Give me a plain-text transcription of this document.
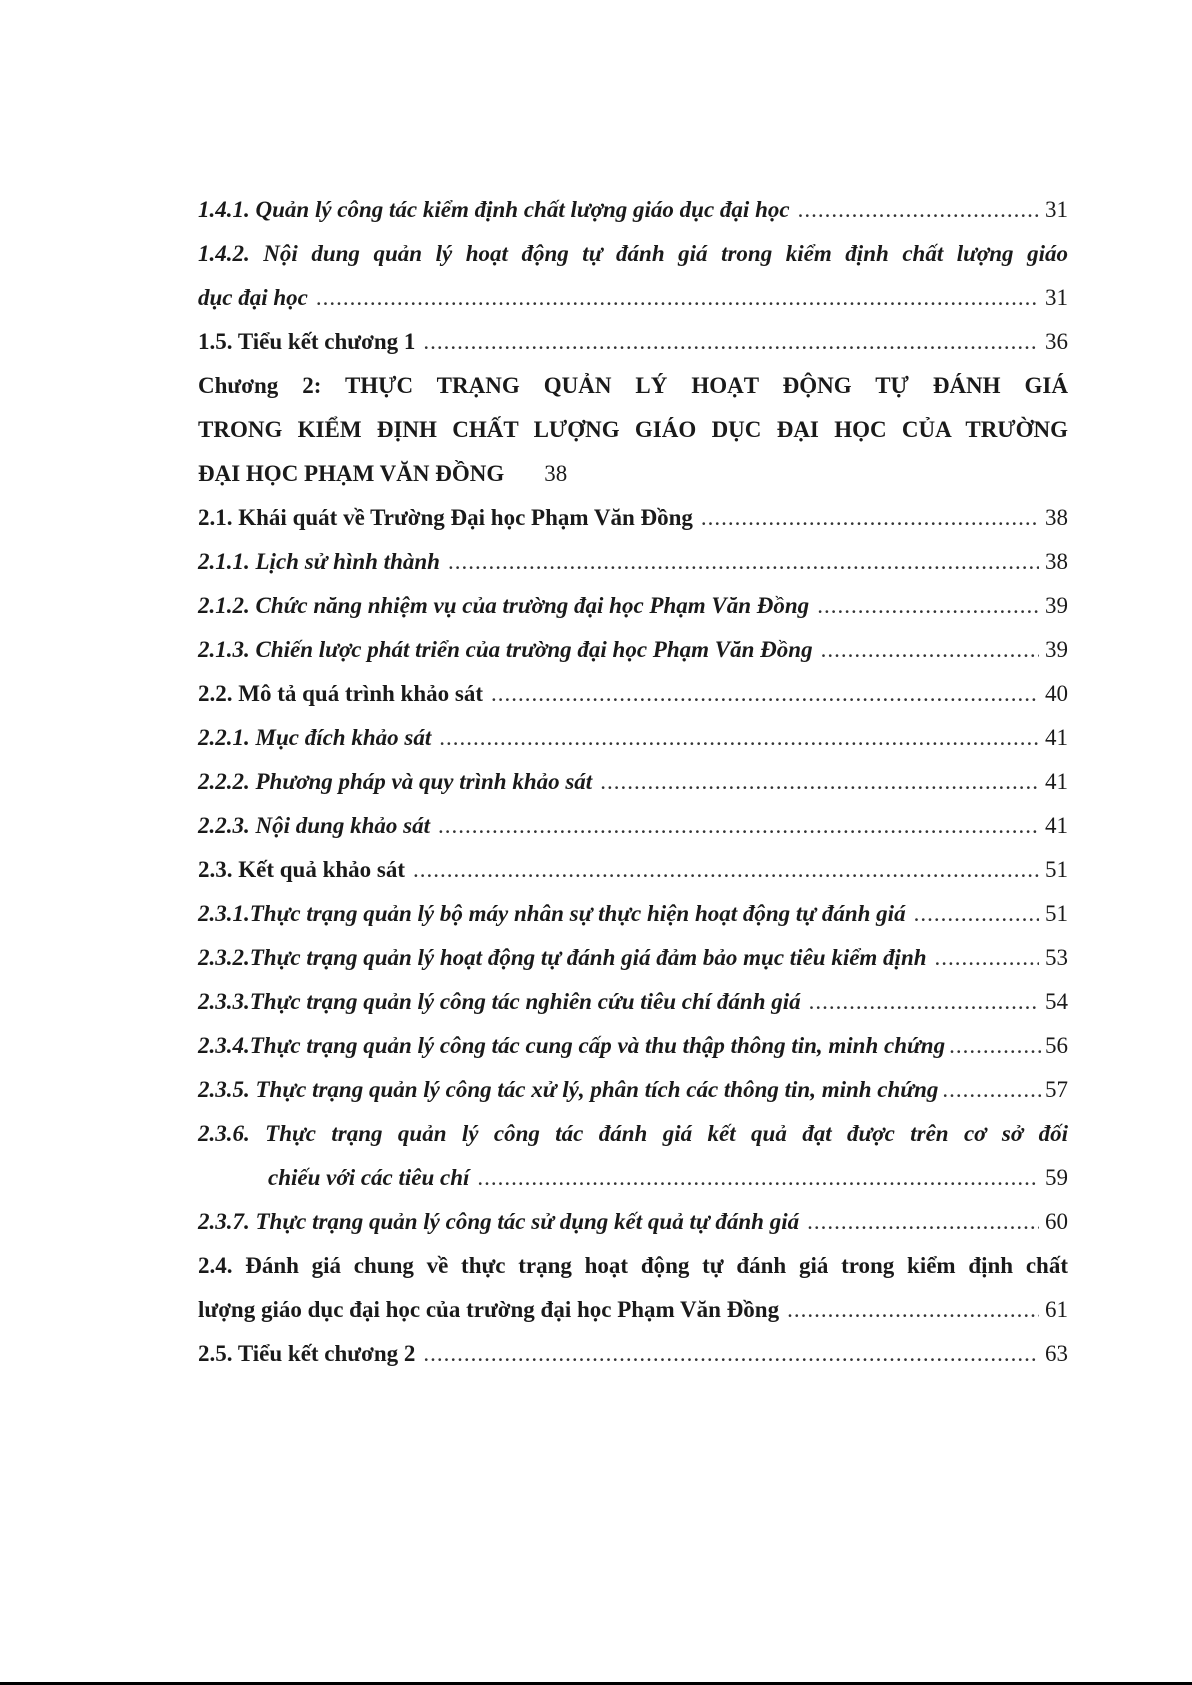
1.4.1. Quản lý công tác kiểm định chất lượng giáo dục đại học .....	31
1.4.2. Nội dung quản lý hoạt động tự đánh giá trong kiểm định chất lượng giáo
dục đại học .....	31
1.5. Tiểu kết chương 1 .....	36
Chương 2: THỰC TRẠNG QUẢN LÝ HOẠT ĐỘNG TỰ ĐÁNH GIÁ
TRONG KIỂM ĐỊNH CHẤT LƯỢNG GIÁO DỤC ĐẠI HỌC CỦA TRƯỜNG
ĐẠI HỌC PHẠM VĂN ĐỒNG 38
2.1. Khái quát về Trường Đại học Phạm Văn Đồng .....	38
2.1.1. Lịch sử hình thành .....	38
2.1.2. Chức năng nhiệm vụ của trường đại học Phạm Văn Đồng .....	39
2.1.3. Chiến lược phát triển của trường đại học Phạm Văn Đồng .....	39
2.2. Mô tả quá trình khảo sát .....	40
2.2.1. Mục đích khảo sát .....	41
2.2.2. Phương pháp và quy trình khảo sát .....	41
2.2.3. Nội dung khảo sát .....	41
2.3. Kết quả khảo sát .....	51
2.3.1.Thực trạng quản lý bộ máy nhân sự thực hiện hoạt động tự đánh giá .....	51
2.3.2.Thực trạng quản lý hoạt động tự đánh giá đảm bảo mục tiêu kiểm định .....	53
2.3.3.Thực trạng quản lý công tác nghiên cứu tiêu chí đánh giá .....	54
2.3.4.Thực trạng quản lý công tác cung cấp và thu thập thông tin, minh chứng .....	56
2.3.5. Thực trạng quản lý công tác xử lý, phân tích các thông tin, minh chứng .....	57
2.3.6. Thực trạng quản lý công tác đánh giá kết quả đạt được trên cơ sở đối
chiếu với các tiêu chí .....	59
2.3.7. Thực trạng quản lý công tác sử dụng kết quả tự đánh giá .....	60
2.4. Đánh giá chung về thực trạng hoạt động tự đánh giá trong kiểm định chất
lượng giáo dục đại học của trường đại học Phạm Văn Đồng .....	61
2.5. Tiểu kết chương 2 .....	63
